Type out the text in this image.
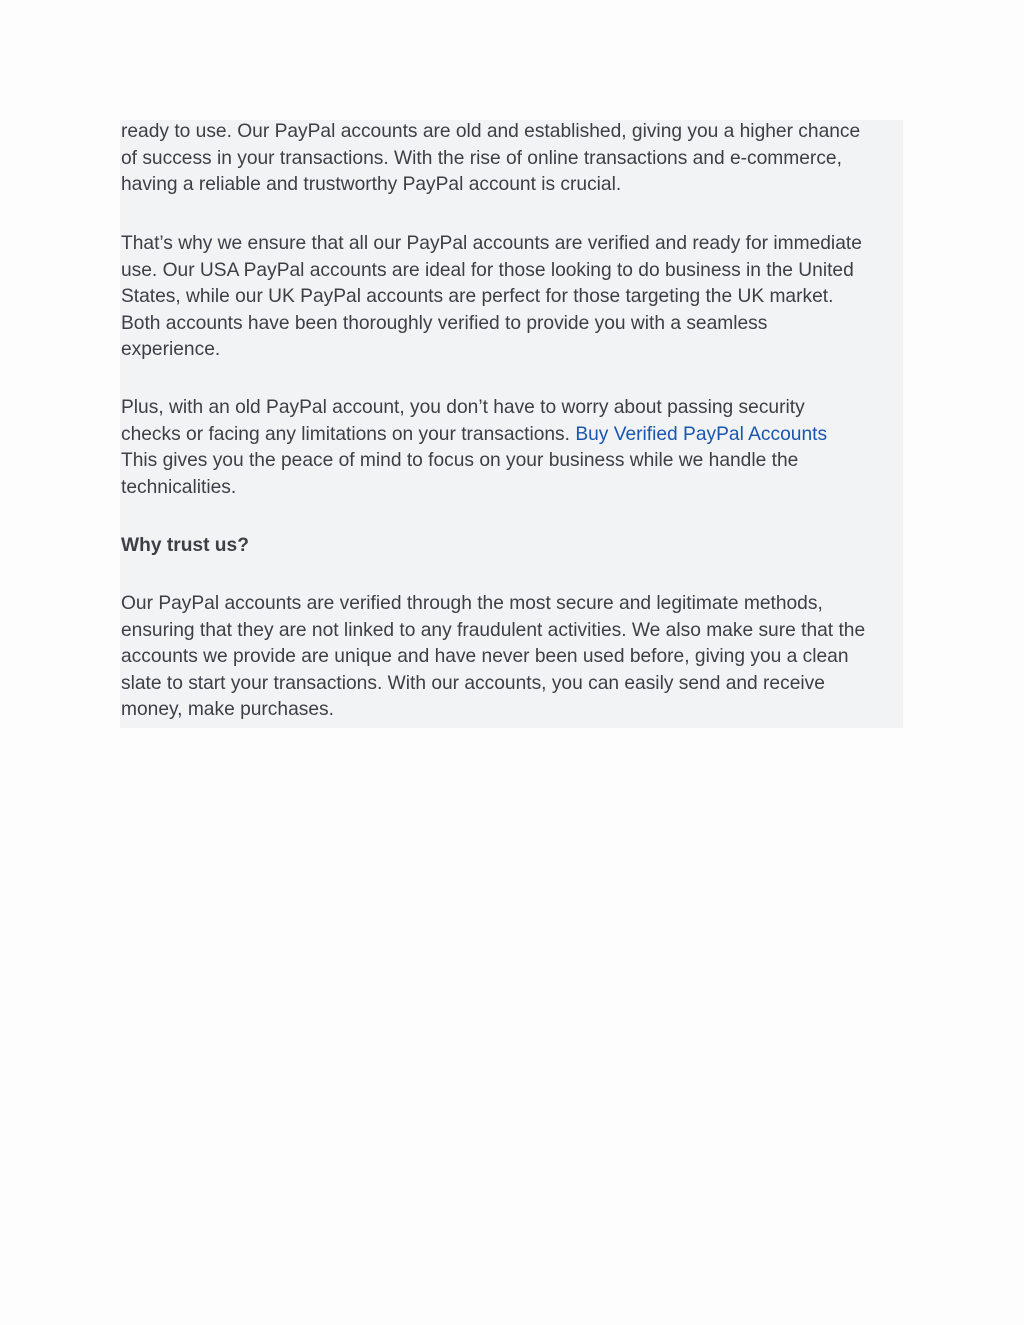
ready to use. Our PayPal accounts are old and established, giving you a higher chance
of success in your transactions. With the rise of online transactions and e-commerce,
having a reliable and trustworthy PayPal account is crucial.

That’s why we ensure that all our PayPal accounts are verified and ready for immediate
use. Our USA PayPal accounts are ideal for those looking to do business in the United
States, while our UK PayPal accounts are perfect for those targeting the UK market.
Both accounts have been thoroughly verified to provide you with a seamless
experience.

Plus, with an old PayPal account, you don’t have to worry about passing security
checks or facing any limitations on your transactions. Buy Verified PayPal Accounts
This gives you the peace of mind to focus on your business while we handle the
technicalities.

Why trust us?

Our PayPal accounts are verified through the most secure and legitimate methods,
ensuring that they are not linked to any fraudulent activities. We also make sure that the
accounts we provide are unique and have never been used before, giving you a clean
slate to start your transactions. With our accounts, you can easily send and receive
money, make purchases.
